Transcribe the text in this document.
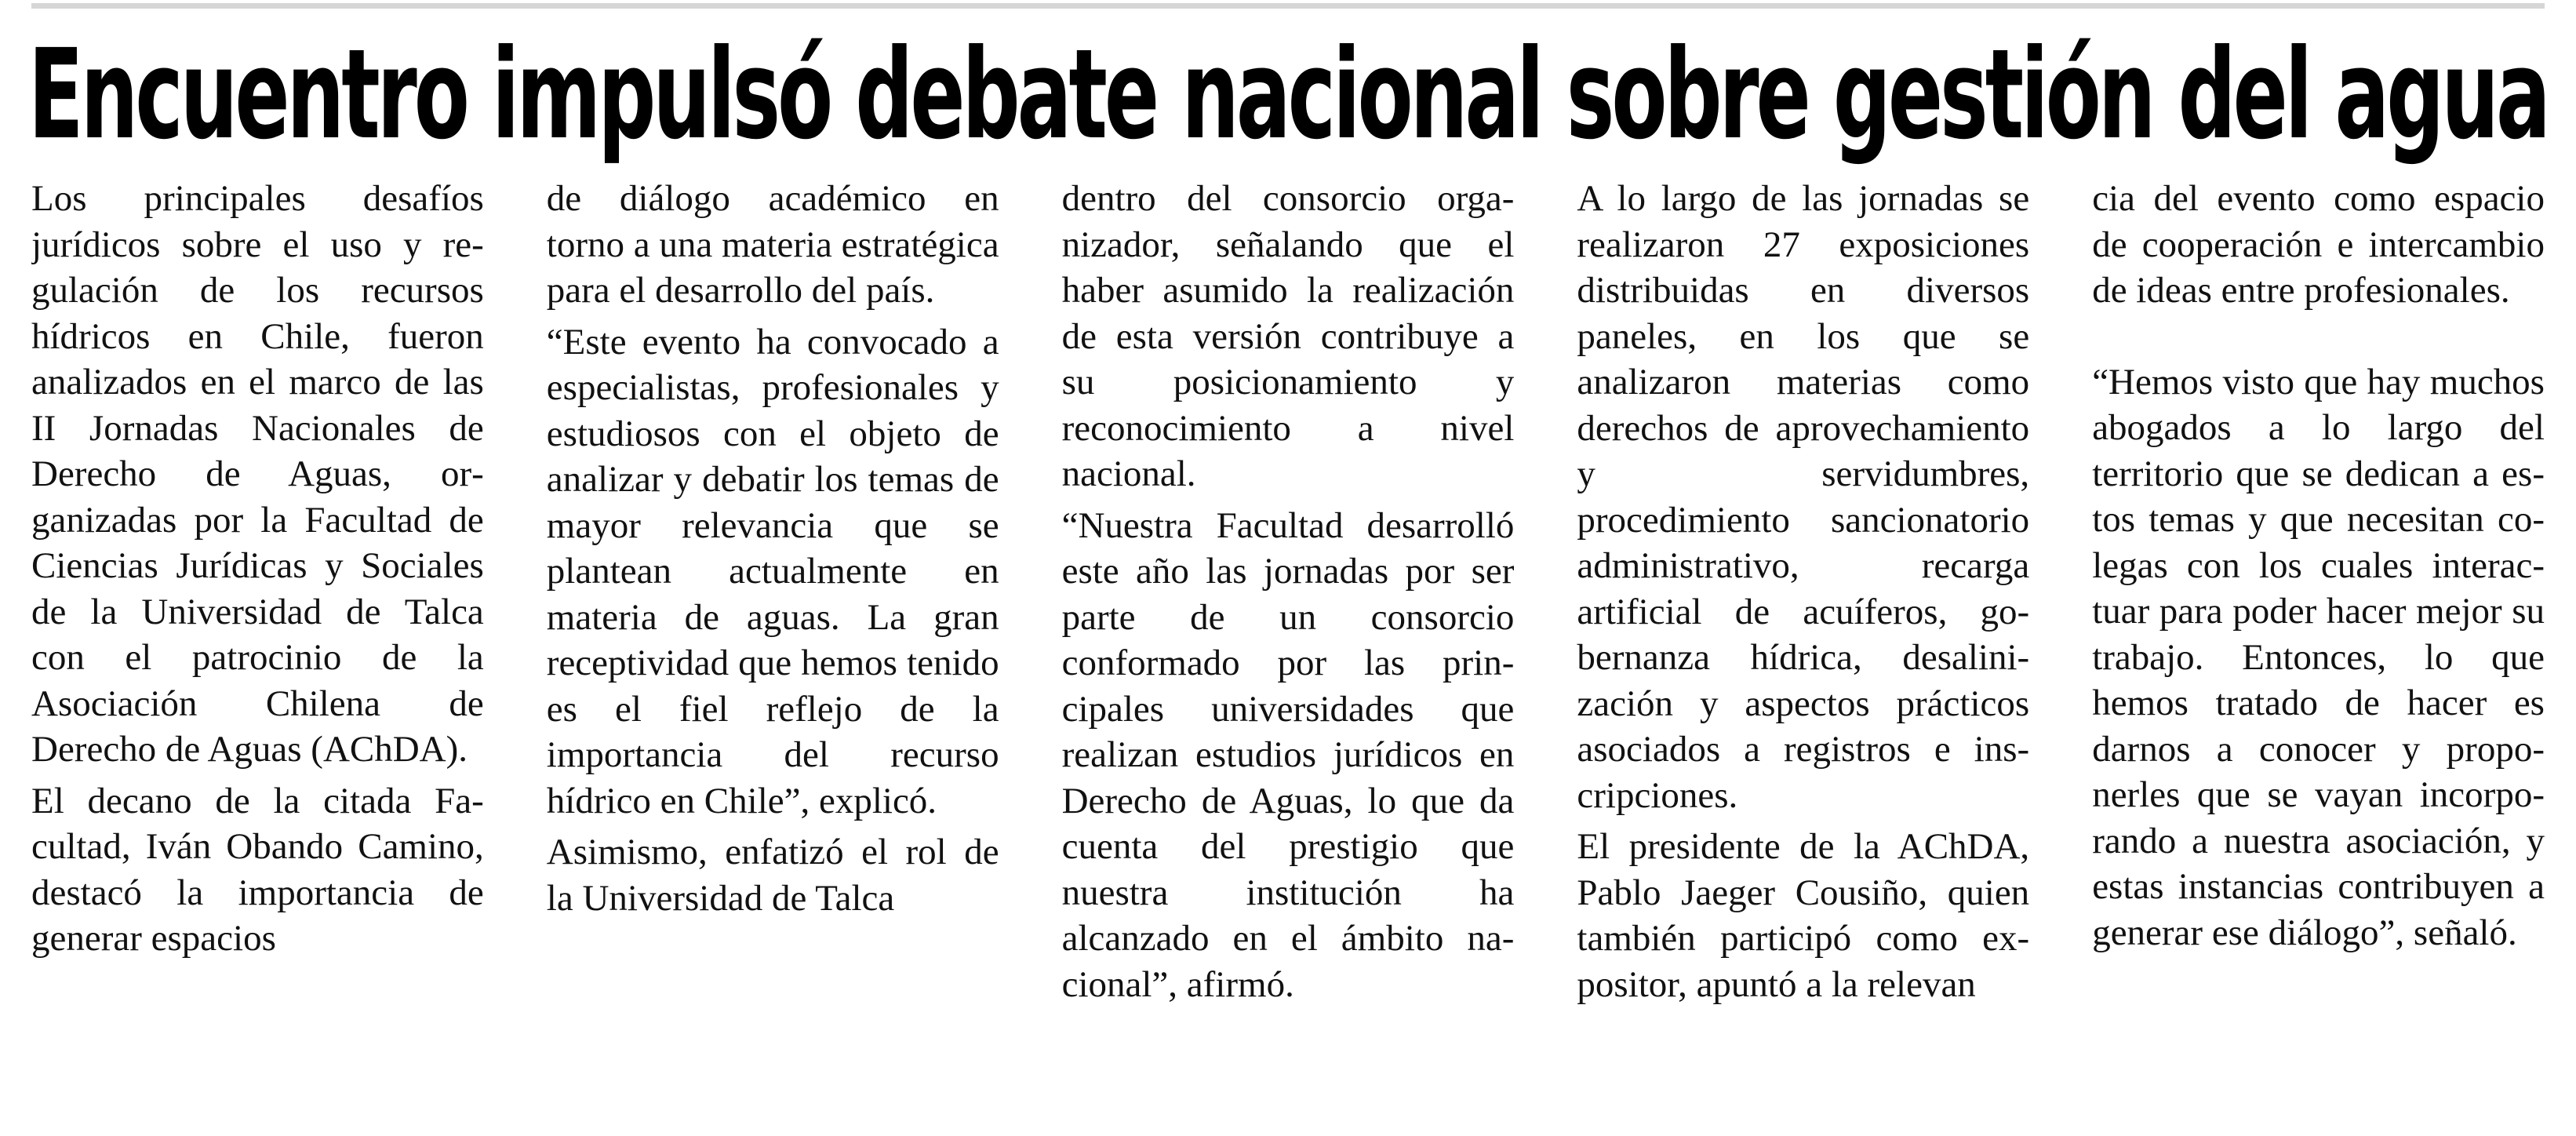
Encuentro impulsó debate nacional sobre gestión del agua

Los principales desafíos jurídicos sobre el uso y regulación de los recursos hídricos en Chile, fueron analizados en el marco de las II Jornadas Nacionales de Derecho de Aguas, organizadas por la Facultad de Ciencias Jurídicas y Sociales de la Universidad de Talca con el patrocinio de la Asociación Chilena de Derecho de Aguas (AChDA).

El decano de la citada Facultad, Iván Obando Camino, destacó la importancia de generar espacios

de diálogo académico en torno a una materia estratégica para el desarrollo del país.

“Este evento ha convocado a especialistas, profesionales y estudiosos con el objeto de analizar y debatir los temas de mayor relevancia que se plantean actualmente en materia de aguas. La gran receptividad que hemos tenido es el fiel reflejo de la importancia del recurso hídrico en Chile”, explicó.

Asimismo, enfatizó el rol de la Universidad de Talca

dentro del consorcio organizador, señalando que el haber asumido la realización de esta versión contribuye a su posicionamiento y reconocimiento a nivel nacional.

“Nuestra Facultad desarrolló este año las jornadas por ser parte de un consorcio conformado por las principales universidades que realizan estudios jurídicos en Derecho de Aguas, lo que da cuenta del prestigio que nuestra institución ha alcanzado en el ámbito nacional”, afirmó.

A lo largo de las jornadas se realizaron 27 exposiciones distribuidas en diversos paneles, en los que se analizaron materias como derechos de aprovechamiento y servidumbres, procedimiento sancionatorio administrativo, recarga artificial de acuíferos, gobernanza hídrica, desalinización y aspectos prácticos asociados a registros e inscripciones.

El presidente de la AChDA, Pablo Jaeger Cousiño, quien también participó como expositor, apuntó a la relevan

cia del evento como espacio de cooperación e intercambio de ideas entre profesionales.

“Hemos visto que hay muchos abogados a lo largo del territorio que se dedican a estos temas y que necesitan colegas con los cuales interactuar para poder hacer mejor su trabajo. Entonces, lo que hemos tratado de hacer es darnos a conocer y proponerles que se vayan incorporando a nuestra asociación, y estas instancias contribuyen a generar ese diálogo”, señaló.
